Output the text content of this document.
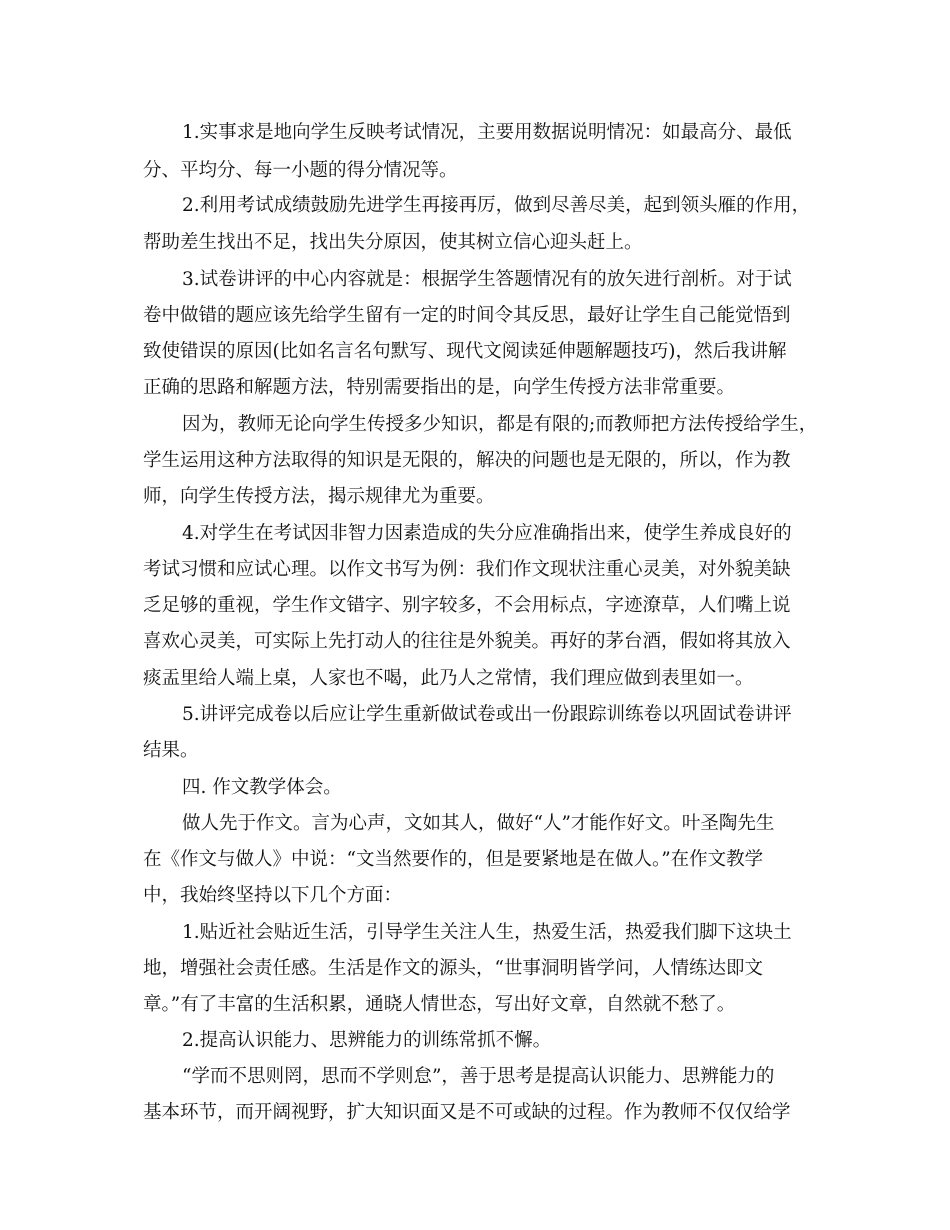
1.实事求是地向学生反映考试情况，主要用数据说明情况：如最高分、最低
分、平均分、每一小题的得分情况等。
2.利用考试成绩鼓励先进学生再接再厉，做到尽善尽美，起到领头雁的作用，
帮助差生找出不足，找出失分原因，使其树立信心迎头赶上。
3.试卷讲评的中心内容就是：根据学生答题情况有的放矢进行剖析。对于试
卷中做错的题应该先给学生留有一定的时间令其反思，最好让学生自己能觉悟到
致使错误的原因(比如名言名句默写、现代文阅读延伸题解题技巧)，然后我讲解
正确的思路和解题方法，特别需要指出的是，向学生传授方法非常重要。
因为，教师无论向学生传授多少知识，都是有限的;而教师把方法传授给学生，
学生运用这种方法取得的知识是无限的，解决的问题也是无限的，所以，作为教
师，向学生传授方法，揭示规律尤为重要。
4.对学生在考试因非智力因素造成的失分应准确指出来，使学生养成良好的
考试习惯和应试心理。以作文书写为例：我们作文现状注重心灵美，对外貌美缺
乏足够的重视，学生作文错字、别字较多，不会用标点，字迹潦草，人们嘴上说
喜欢心灵美，可实际上先打动人的往往是外貌美。再好的茅台酒，假如将其放入
痰盂里给人端上桌，人家也不喝，此乃人之常情，我们理应做到表里如一。
5.讲评完成卷以后应让学生重新做试卷或出一份跟踪训练卷以巩固试卷讲评
结果。
四. 作文教学体会。
做人先于作文。言为心声，文如其人，做好“人”才能作好文。叶圣陶先生
在《作文与做人》中说：“文当然要作的，但是要紧地是在做人。”在作文教学
中，我始终坚持以下几个方面：
1.贴近社会贴近生活，引导学生关注人生，热爱生活，热爱我们脚下这块土
地，增强社会责任感。生活是作文的源头，“世事洞明皆学问，人情练达即文
章。”有了丰富的生活积累，通晓人情世态，写出好文章，自然就不愁了。
2.提高认识能力、思辨能力的训练常抓不懈。
“学而不思则罔，思而不学则怠”，善于思考是提高认识能力、思辨能力的
基本环节，而开阔视野，扩大知识面又是不可或缺的过程。作为教师不仅仅给学
